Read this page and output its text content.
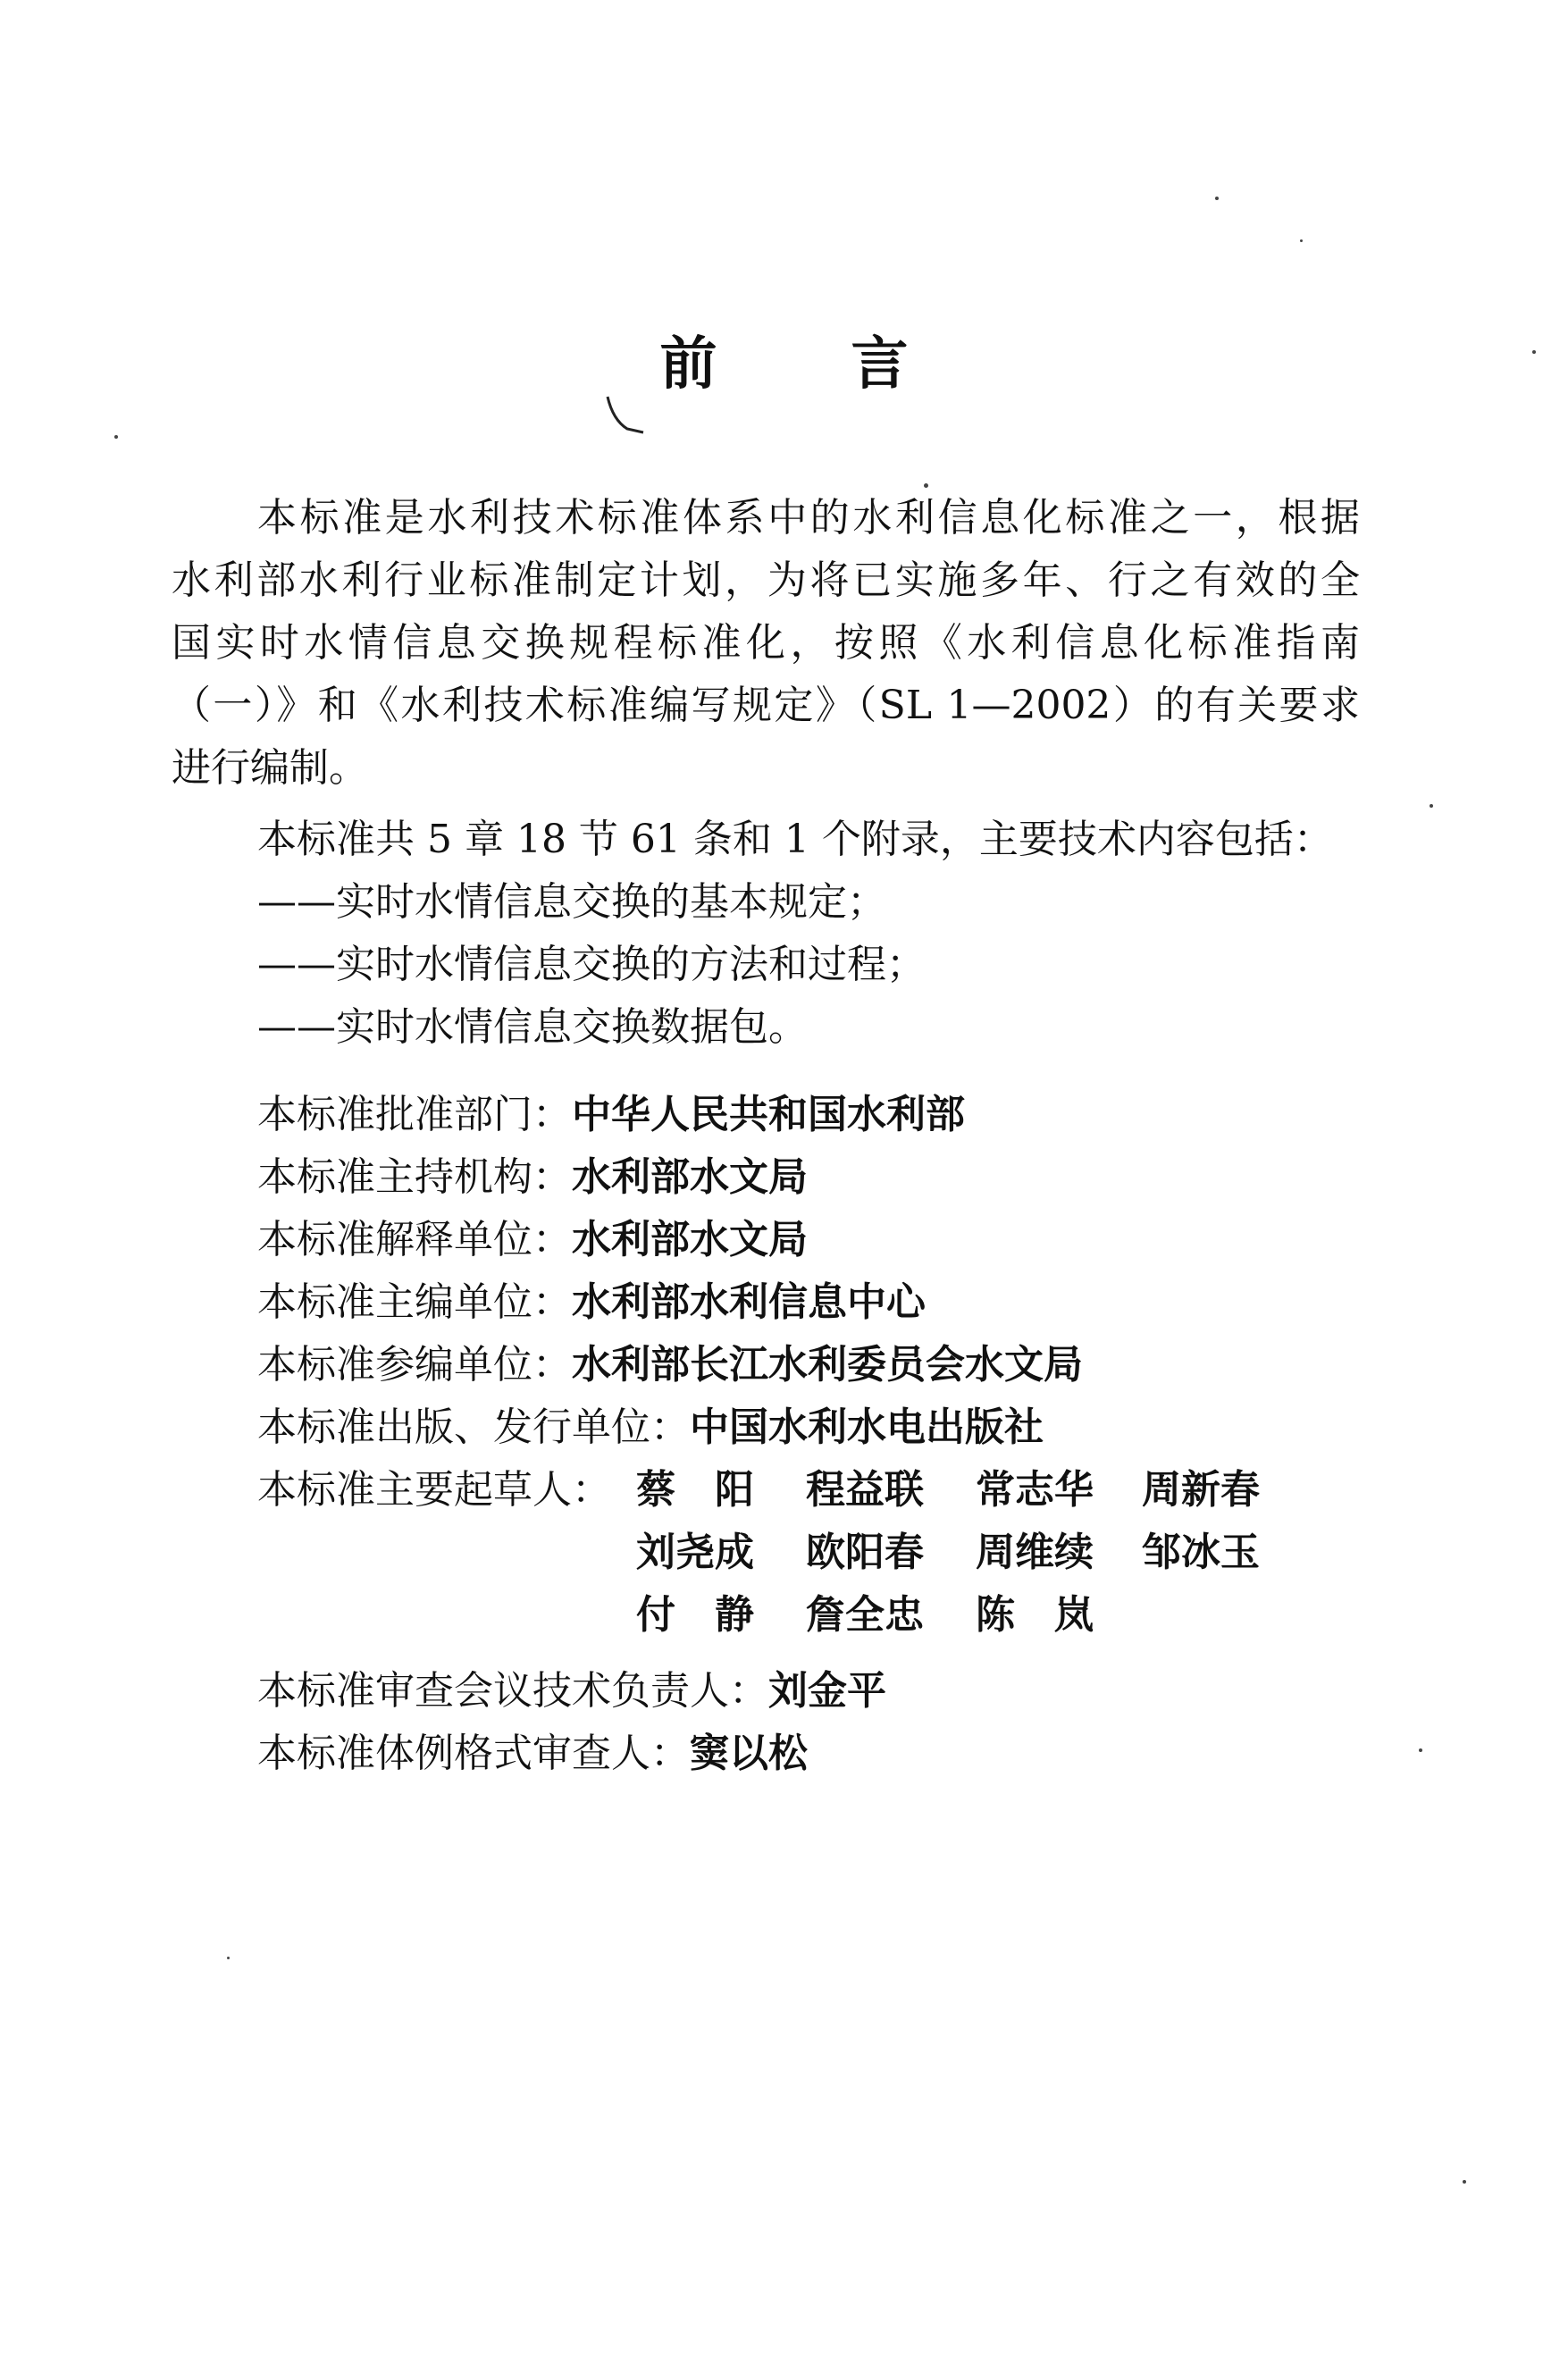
前 言
本标准是水利技术标准体系中的水利信息化标准之一，根据
水利部水利行业标准制定计划，为将已实施多年、行之有效的全
国实时水情信息交换规程标准化，按照《水利信息化标准指南
（一）》和《水利技术标准编写规定》（SL 1—2002）的有关要求
进行编制。
本标准共 5 章 18 节 61 条和 1 个附录，主要技术内容包括：
——实时水情信息交换的基本规定；
——实时水情信息交换的方法和过程；
——实时水情信息交换数据包。
本标准批准部门：中华人民共和国水利部
本标准主持机构：水利部水文局
本标准解释单位：水利部水文局
本标准主编单位：水利部水利信息中心
本标准参编单位：水利部长江水利委员会水文局
本标准出版、发行单位：中国水利水电出版社
本标准主要起草人： 蔡　阳 程益联 常志华 周新春
刘尧成 欧阳春 周维续 邹冰玉
付　静 詹全忠 陈　岚
本标准审查会议技术负责人：刘金平
本标准体例格式审查人：窦以松
